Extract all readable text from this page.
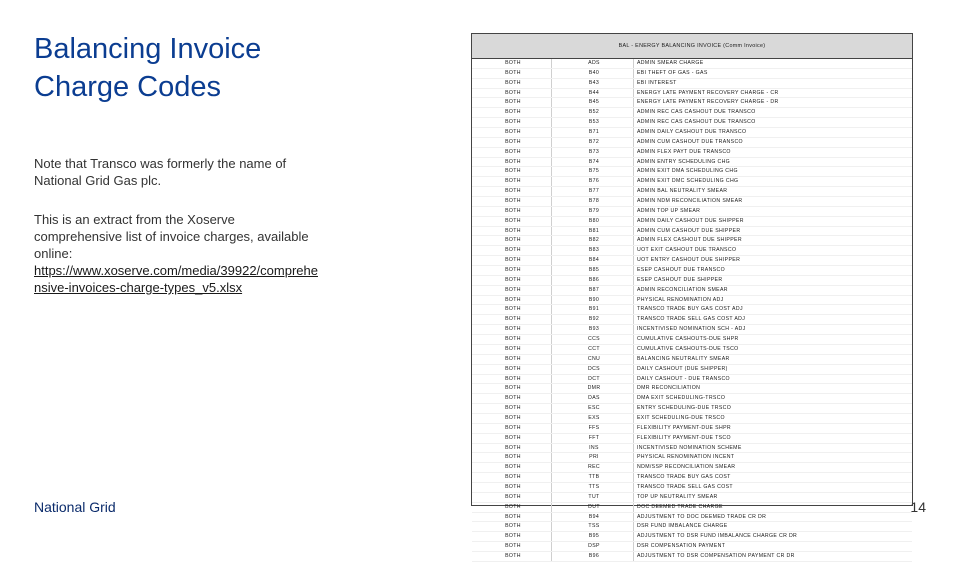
Balancing Invoice Charge Codes
Note that Transco was formerly the name of National Grid Gas plc.
This is an extract from the Xoserve comprehensive list of invoice charges, available online:
https://www.xoserve.com/media/39922/comprehensive-invoices-charge-types_v5.xlsx
National Grid	14
BAL - ENERGY BALANCING INVOICE (Comm Invoice)
BOTH	ADS	ADMIN SMEAR CHARGE
BOTH	B40	EBI THEFT OF GAS - GAS
BOTH	B43	EBI INTEREST
BOTH	B44	ENERGY LATE PAYMENT RECOVERY CHARGE - CR
BOTH	B45	ENERGY LATE PAYMENT RECOVERY CHARGE - DR
BOTH	B52	ADMIN REC CAS CASHOUT DUE TRANSCO
BOTH	B53	ADMIN REC CAS CASHOUT DUE TRANSCO
BOTH	B71	ADMIN DAILY CASHOUT DUE TRANSCO
BOTH	B72	ADMIN CUM CASHOUT DUE TRANSCO
BOTH	B73	ADMIN FLEX PAYT DUE TRANSCO
BOTH	B74	ADMIN ENTRY SCHEDULING CHG
BOTH	B75	ADMIN EXIT DMA SCHEDULING CHG
BOTH	B76	ADMIN EXIT DMC SCHEDULING CHG
BOTH	B77	ADMIN BAL NEUTRALITY SMEAR
BOTH	B78	ADMIN NDM RECONCILIATION SMEAR
BOTH	B79	ADMIN TOP UP SMEAR
BOTH	B80	ADMIN DAILY CASHOUT DUE SHIPPER
BOTH	B81	ADMIN CUM CASHOUT DUE SHIPPER
BOTH	B82	ADMIN FLEX CASHOUT DUE SHIPPER
BOTH	B83	UOT EXIT CASHOUT DUE TRANSCO
BOTH	B84	UOT ENTRY CASHOUT DUE SHIPPER
BOTH	B85	ESEP CASHOUT DUE TRANSCO
BOTH	B86	ESEP CASHOUT DUE SHIPPER
BOTH	B87	ADMIN RECONCILIATION SMEAR
BOTH	B90	PHYSICAL RENOMINATION ADJ
BOTH	B91	TRANSCO TRADE BUY GAS COST ADJ
BOTH	B92	TRANSCO TRADE SELL GAS COST ADJ
BOTH	B93	INCENTIVISED NOMINATION SCH - ADJ
BOTH	CCS	CUMULATIVE CASHOUTS-DUE SHPR
BOTH	CCT	CUMULATIVE CASHOUTS-DUE TSCO
BOTH	CNU	BALANCING NEUTRALITY SMEAR
BOTH	DCS	DAILY CASHOUT (DUE SHIPPER)
BOTH	DCT	DAILY CASHOUT - DUE TRANSCO
BOTH	DMR	DMR RECONCILIATION
BOTH	DAS	DMA EXIT SCHEDULING-TRSCO
BOTH	ESC	ENTRY SCHEDULING-DUE TRSCO
BOTH	EXS	EXIT SCHEDULING-DUE TRSCO
BOTH	FFS	FLEXIBILITY PAYMENT-DUE SHPR
BOTH	FFT	FLEXIBILITY PAYMENT-DUE TSCO
BOTH	INS	INCENTIVISED NOMINATION SCHEME
BOTH	PRI	PHYSICAL RENOMINATION INCENT
BOTH	REC	NDM/SSP RECONCILIATION SMEAR
BOTH	TTB	TRANSCO TRADE BUY GAS COST
BOTH	TTS	TRANSCO TRADE SELL GAS COST
BOTH	TUT	TOP UP NEUTRALITY SMEAR
BOTH	DUT	DOC DEEMED TRADE CHARGE
BOTH	B94	ADJUSTMENT TO DOC DEEMED TRADE CR DR
BOTH	TSS	DSR FUND IMBALANCE CHARGE
BOTH	B95	ADJUSTMENT TO DSR FUND IMBALANCE CHARGE CR DR
BOTH	DSP	DSR COMPENSATION PAYMENT
BOTH	B96	ADJUSTMENT TO DSR COMPENSATION PAYMENT CR DR
